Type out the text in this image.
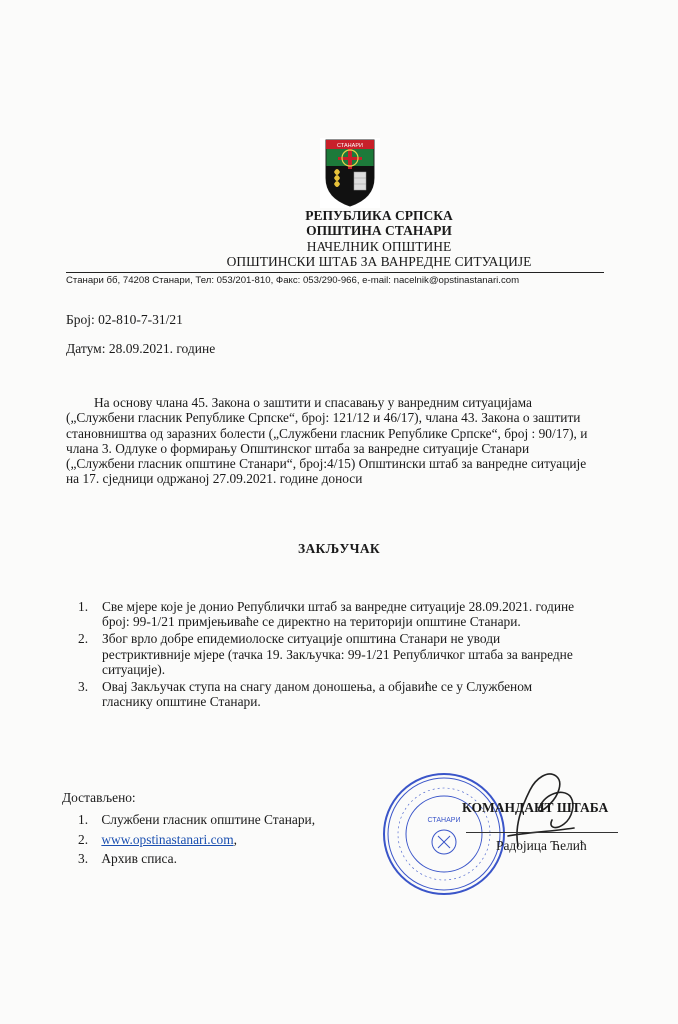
СТАНАРИ
РЕПУБЛИКА СРПСКА
ОПШТИНА СТАНАРИ
НАЧЕЛНИК ОПШТИНЕ
ОПШТИНСКИ ШТАБ ЗА ВАНРЕДНЕ СИТУАЦИЈЕ
Станари бб, 74208 Станари, Тел: 053/201-810, Факс: 053/290-966, e-mail: nacelnik@opstinastanari.com
Број: 02-810-7-31/21
Датум: 28.09.2021. године
На основу члана 45. Закона о заштити и спасавању у ванредним ситуацијама
(„Службени гласник Републике Српске“, број: 121/12 и 46/17), члана 43. Закона о заштити
становништва од заразних болести („Службени гласник Републике Српске“, број : 90/17), и
члана 3. Одлуке о формирању Општинског штаба за ванредне ситуације Станари
(„Службени гласник општине Станари“, број:4/15) Општински штаб за ванредне ситуације
на 17. сједници одржаној 27.09.2021. године доноси
ЗАКЉУЧАК
1. Све мјере које је донио Републички штаб за ванредне ситуације 28.09.2021. године
број: 99-1/21 примјењиваће се директно на територији општине Станари.
2. Због врло добре епидемиолоске ситуације општина Станари не уводи
рестриктивније мјере (тачка 19. Закључка: 99-1/21 Републичког штаба за ванредне
ситуације).
3. Овај Закључак ступа на снагу даном доношења, а објавиће се у Службеном
гласнику општине Станари.
Достављено:
1. Службени гласник општине Станари,
2. www.opstinastanari.com,
3. Архив списа.
СТАНАРИ
КОМАНДАНТ ШТАБА
Радојица Ћелић
